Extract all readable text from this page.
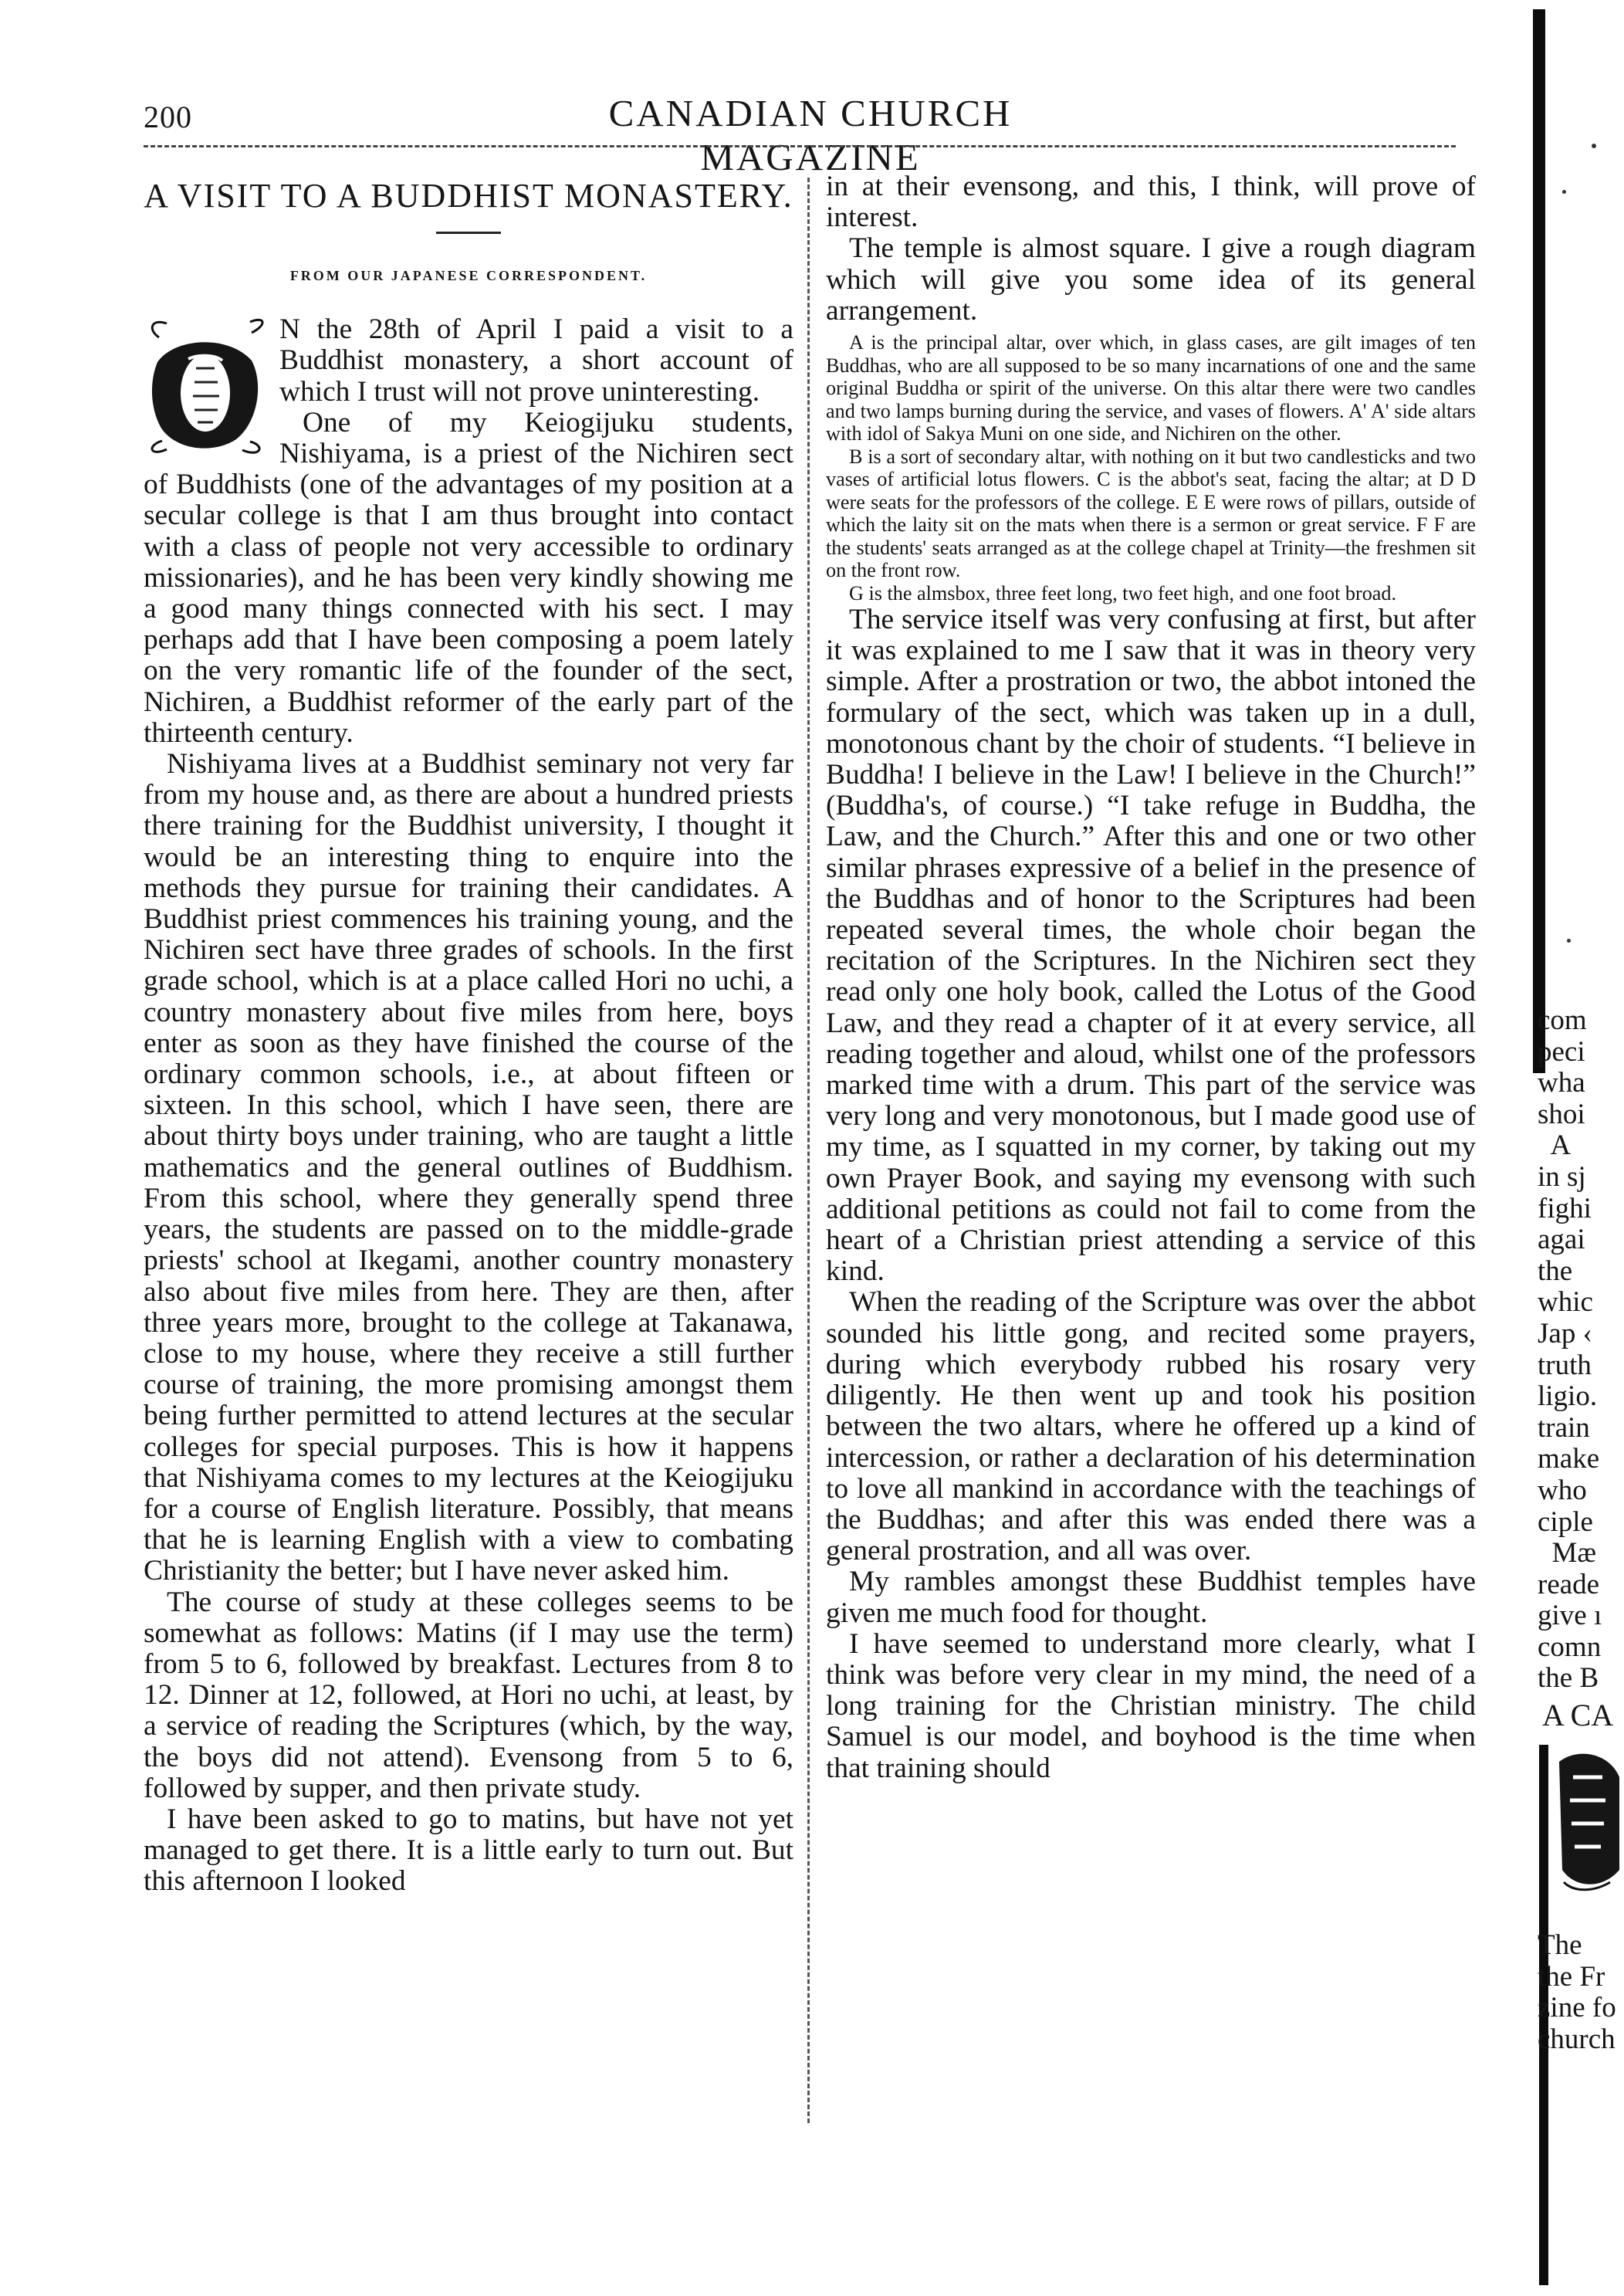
200	CANADIAN CHURCH MAGAZINE
A VISIT TO A BUDDHIST MONASTERY.
FROM OUR JAPANESE CORRESPONDENT.

O	N the 28th of April I paid a visit to a Buddhist monastery, a short account of which I trust will not prove uninteresting.

One of my Keiogijuku students, Nishiyama, is a priest of the Nichiren sect of Buddhists (one of the advantages of my position at a secular college is that I am thus brought into contact with a class of people not very accessible to ordinary missionaries), and he has been very kindly showing me a good many things connected with his sect. I may perhaps add that I have been composing a poem lately on the very romantic life of the founder of the sect, Nichiren, a Buddhist reformer of the early part of the thirteenth century.

Nishiyama lives at a Buddhist seminary not very far from my house and, as there are about a hundred priests there training for the Buddhist university, I thought it would be an interesting thing to enquire into the methods they pursue for training their candidates. A Buddhist priest commences his training young, and the Nichiren sect have three grades of schools. In the first grade school, which is at a place called Hori no uchi, a country monastery about five miles from here, boys enter as soon as they have finished the course of the ordinary common schools, i.e., at about fifteen or sixteen. In this school, which I have seen, there are about thirty boys under training, who are taught a little mathematics and the general outlines of Buddhism. From this school, where they generally spend three years, the students are passed on to the middle-grade priests' school at Ikegami, another country monastery also about five miles from here. They are then, after three years more, brought to the college at Takanawa, close to my house, where they receive a still further course of training, the more promising amongst them being further permitted to attend lectures at the secular colleges for special purposes. This is how it happens that Nishiyama comes to my lectures at the Keiogijuku for a course of English literature. Possibly, that means that he is learning English with a view to combating Christianity the better; but I have never asked him.

The course of study at these colleges seems to be somewhat as follows: Matins (if I may use the term) from 5 to 6, followed by breakfast. Lectures from 8 to 12. Dinner at 12, followed, at Hori no uchi, at least, by a service of reading the Scriptures (which, by the way, the boys did not attend). Evensong from 5 to 6, followed by supper, and then private study.

I have been asked to go to matins, but have not yet managed to get there. It is a little early to turn out. But this afternoon I looked

in at their evensong, and this, I think, will prove of interest.

The temple is almost square. I give a rough diagram which will give you some idea of its general arrangement.

A is the principal altar, over which, in glass cases, are gilt images of ten Buddhas, who are all supposed to be so many incarnations of one and the same original Buddha or spirit of the universe. On this altar there were two candles and two lamps burning during the service, and vases of flowers. A' A' side altars with idol of Sakya Muni on one side, and Nichiren on the other.

B is a sort of secondary altar, with nothing on it but two candlesticks and two vases of artificial lotus flowers. C is the abbot's seat, facing the altar; at D D were seats for the professors of the college. E E were rows of pillars, outside of which the laity sit on the mats when there is a sermon or great service. F F are the students' seats arranged as at the college chapel at Trinity—the freshmen sit on the front row.

G is the almsbox, three feet long, two feet high, and one foot broad.

The service itself was very confusing at first, but after it was explained to me I saw that it was in theory very simple. After a prostration or two, the abbot intoned the formulary of the sect, which was taken up in a dull, monotonous chant by the choir of students. “I believe in Buddha! I believe in the Law! I believe in the Church!” (Buddha's, of course.) “I take refuge in Buddha, the Law, and the Church.” After this and one or two other similar phrases expressive of a belief in the presence of the Buddhas and of honor to the Scriptures had been repeated several times, the whole choir began the recitation of the Scriptures. In the Nichiren sect they read only one holy book, called the Lotus of the Good Law, and they read a chapter of it at every service, all reading together and aloud, whilst one of the professors marked time with a drum. This part of the service was very long and very monotonous, but I made good use of my time, as I squatted in my corner, by taking out my own Prayer Book, and saying my evensong with such additional petitions as could not fail to come from the heart of a Christian priest attending a service of this kind.

When the reading of the Scripture was over the abbot sounded his little gong, and recited some prayers, during which everybody rubbed his rosary very diligently. He then went up and took his position between the two altars, where he offered up a kind of intercession, or rather a declaration of his determination to love all mankind in accordance with the teachings of the Buddhas; and after this was ended there was a general prostration, and all was over.

My rambles amongst these Buddhist temples have given me much food for thought.

I have seemed to understand more clearly, what I think was before very clear in my mind, the need of a long training for the Christian ministry. The child Samuel is our model, and boyhood is the time when that training should

com
peci
wha
shoi
A
in sj
fighi
agai
the
whic
Jap ‹
truth
ligio.
train
make
who
ciple
Mæ
reade
give ı
comn
the B
A CA
The
the Fr
zine fo
church
